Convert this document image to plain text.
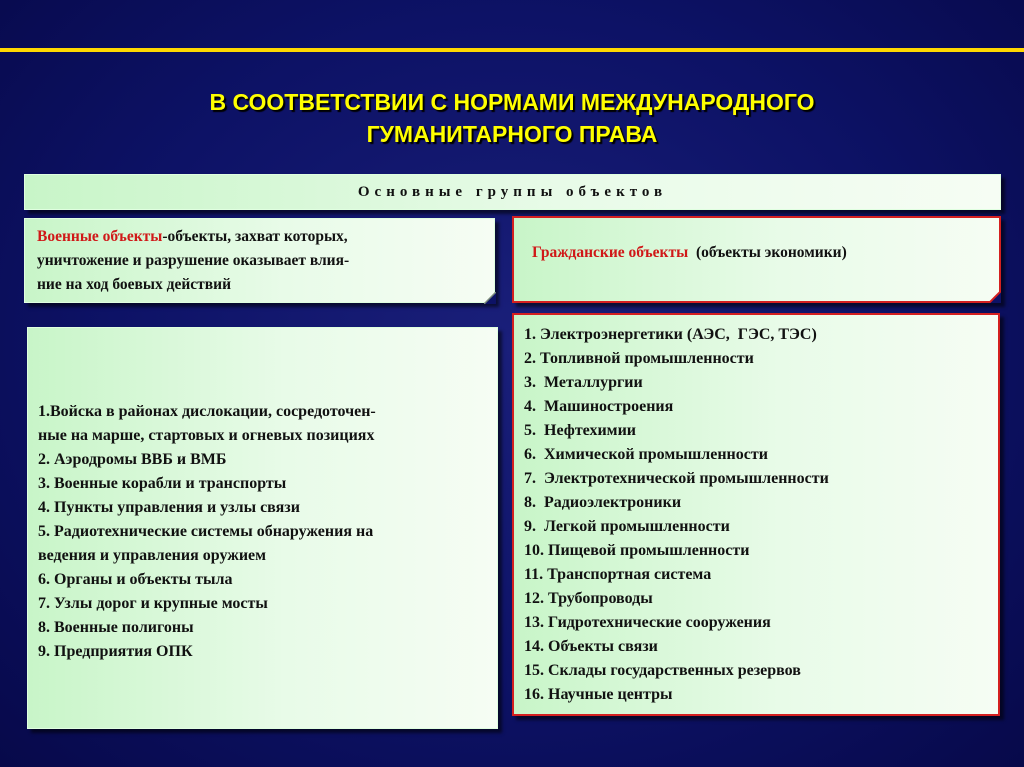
В СООТВЕТСТВИИ С НОРМАМИ МЕЖДУНАРОДНОГО
ГУМАНИТАРНОГО ПРАВА
Основные группы объектов
Военные объекты-объекты, захват которых,
уничтожение и разрушение оказывает влия-
ние на ход боевых действий
Гражданские объекты  (объекты экономики)
1.Войска в районах дислокации, сосредоточен-
ные на марше, стартовых и огневых позициях
2. Аэродромы ВВБ и ВМБ
3. Военные корабли и транспорты
4. Пункты управления и узлы связи
5. Радиотехнические системы обнаружения на
ведения и управления оружием
6. Органы и объекты тыла
7. Узлы дорог и крупные мосты
8. Военные полигоны
9. Предприятия ОПК
1. Электроэнергетики (АЭС,  ГЭС, ТЭС)
2. Топливной промышленности
3.  Металлургии
4.  Машиностроения
5.  Нефтехимии
6.  Химической промышленности
7.  Электротехнической промышленности
8.  Радиоэлектроники
9.  Легкой промышленности
10. Пищевой промышленности
11. Транспортная система
12. Трубопроводы
13. Гидротехнические сооружения
14. Объекты связи
15. Склады государственных резервов
16. Научные центры
